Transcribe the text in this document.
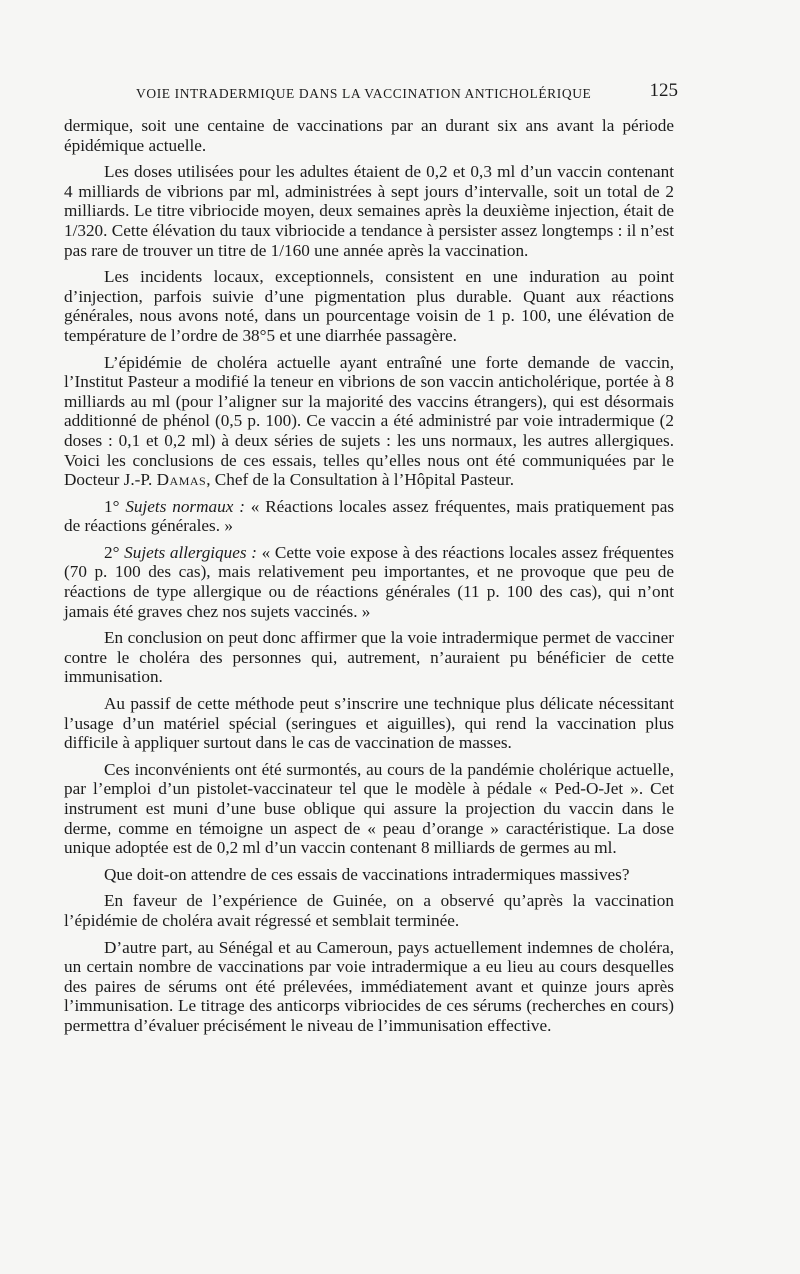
VOIE INTRADERMIQUE DANS LA VACCINATION ANTICHOLÉRIQUE	125

dermique, soit une centaine de vaccinations par an durant six ans avant la période épidémique actuelle.

Les doses utilisées pour les adultes étaient de 0,2 et 0,3 ml d’un vaccin contenant 4 milliards de vibrions par ml, administrées à sept jours d’intervalle, soit un total de 2 milliards. Le titre vibriocide moyen, deux semaines après la deuxième injection, était de 1/320. Cette élévation du taux vibriocide a tendance à persister assez longtemps : il n’est pas rare de trouver un titre de 1/160 une année après la vaccination.

Les incidents locaux, exceptionnels, consistent en une induration au point d’injection, parfois suivie d’une pigmentation plus durable. Quant aux réactions générales, nous avons noté, dans un pourcentage voisin de 1 p. 100, une élévation de température de l’ordre de 38°5 et une diarrhée passagère.

L’épidémie de choléra actuelle ayant entraîné une forte demande de vaccin, l’Institut Pasteur a modifié la teneur en vibrions de son vaccin anticholérique, portée à 8 milliards au ml (pour l’aligner sur la majorité des vaccins étrangers), qui est désormais additionné de phénol (0,5 p. 100). Ce vaccin a été administré par voie intradermique (2 doses : 0,1 et 0,2 ml) à deux séries de sujets : les uns normaux, les autres allergiques. Voici les conclusions de ces essais, telles qu’elles nous ont été communiquées par le Docteur J.-P. Damas, Chef de la Consultation à l’Hôpital Pasteur.

1° Sujets normaux : « Réactions locales assez fréquentes, mais pratiquement pas de réactions générales. »

2° Sujets allergiques : « Cette voie expose à des réactions locales assez fréquentes (70 p. 100 des cas), mais relativement peu importantes, et ne provoque que peu de réactions de type allergique ou de réactions générales (11 p. 100 des cas), qui n’ont jamais été graves chez nos sujets vaccinés. »

En conclusion on peut donc affirmer que la voie intradermique permet de vacciner contre le choléra des personnes qui, autrement, n’auraient pu bénéficier de cette immunisation.

Au passif de cette méthode peut s’inscrire une technique plus délicate nécessitant l’usage d’un matériel spécial (seringues et aiguilles), qui rend la vaccination plus difficile à appliquer surtout dans le cas de vaccination de masses.

Ces inconvénients ont été surmontés, au cours de la pandémie cholérique actuelle, par l’emploi d’un pistolet-vaccinateur tel que le modèle à pédale « Ped-O-Jet ». Cet instrument est muni d’une buse oblique qui assure la projection du vaccin dans le derme, comme en témoigne un aspect de « peau d’orange » caractéristique. La dose unique adoptée est de 0,2 ml d’un vaccin contenant 8 milliards de germes au ml.

Que doit-on attendre de ces essais de vaccinations intradermiques massives?

En faveur de l’expérience de Guinée, on a observé qu’après la vaccination l’épidémie de choléra avait régressé et semblait terminée.

D’autre part, au Sénégal et au Cameroun, pays actuellement indemnes de choléra, un certain nombre de vaccinations par voie intradermique a eu lieu au cours desquelles des paires de sérums ont été prélevées, immédiatement avant et quinze jours après l’immunisation. Le titrage des anticorps vibriocides de ces sérums (recherches en cours) permettra d’évaluer précisément le niveau de l’immunisation effective.
